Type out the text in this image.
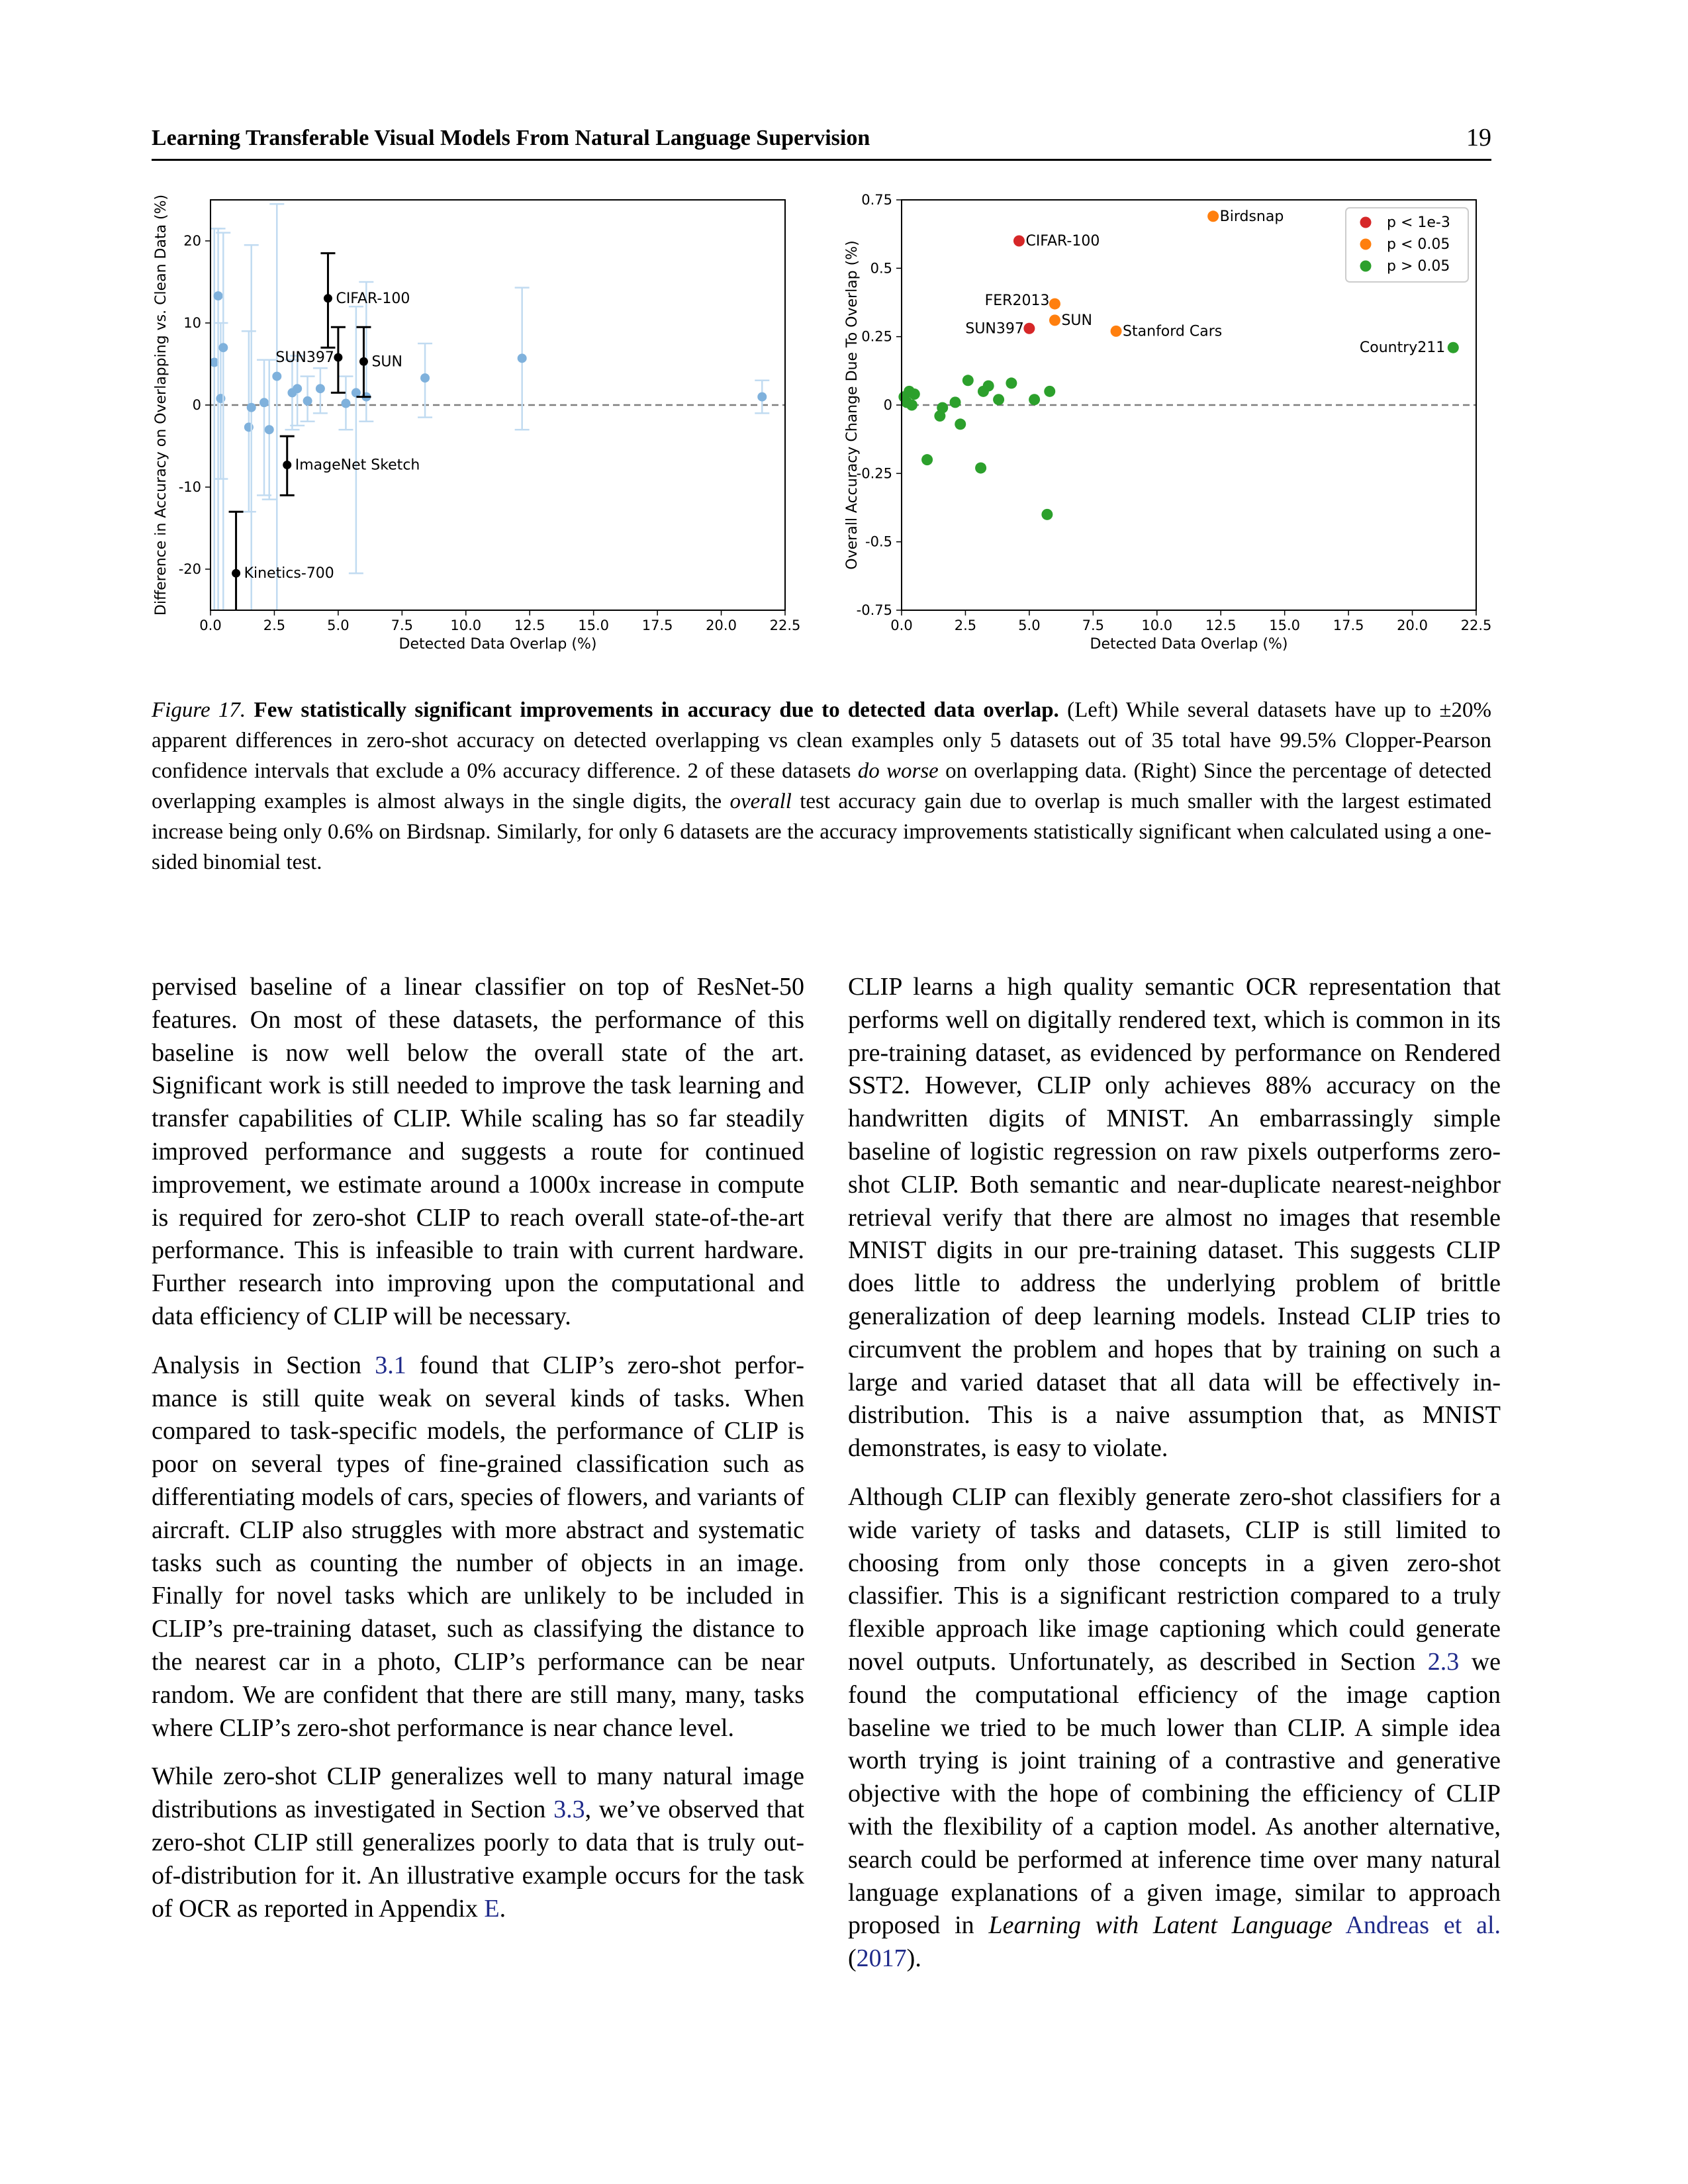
Learning Transferable Visual Models From Natural Language Supervision	19
0.0	2.5	5.0	7.5	10.0 12.5 15.0 17.5 20.0 22.5
-20
-10
0
10
20
Detected Data Overlap (%)
Difference in Accuracy on Overlapping vs. Clean Data (%)	Kinetics-700
ImageNet Sketch
CIFAR-100
SUN397	SUN
0.0	2.5	5.0	7.5	10.0 12.5 15.0 17.5 20.0 22.5
-0.75
-0.5
-0.25
0
0.25
0.5
0.75
Detected Data Overlap (%)
Overall Accuracy Change Due To Overlap (%)	CIFAR-100
SUN397
Birdsnap
FER2013
SUN
Stanford Cars
Country211
p < 1e-3
p < 0.05
p > 0.05
Figure 17. Few statistically significant improvements in accuracy due to detected data overlap. (Left) While several datasets have up to ±20% apparent differences in zero-shot accuracy on detected overlapping vs clean examples only 5 datasets out of 35 total have 99.5% Clopper-Pearson confidence intervals that exclude a 0% accuracy difference. 2 of these datasets do worse on overlapping data. (Right) Since the percentage of detected overlapping examples is almost always in the single digits, the overall test accuracy gain due to overlap is much smaller with the largest estimated increase being only 0.6% on Birdsnap. Similarly, for only 6 datasets are the accuracy improvements statistically significant when calculated using a one-sided binomial test.

pervised baseline of a linear classifier on top of ResNet-50 features. On most of these datasets, the performance of this baseline is now well below the overall state of the art. Significant work is still needed to improve the task learning and transfer capabilities of CLIP. While scaling has so far steadily improved performance and suggests a route for continued improvement, we estimate around a 1000x increase in compute is required for zero-shot CLIP to reach overall state-of-the-art performance. This is infeasible to train with current hardware. Further research into improving upon the computational and data efficiency of CLIP will be necessary.

Analysis in Section 3.1 found that CLIP’s zero-shot performance is still quite weak on several kinds of tasks. When compared to task-specific models, the performance of CLIP is poor on several types of fine-grained classification such as differentiating models of cars, species of flowers, and variants of aircraft. CLIP also struggles with more abstract and systematic tasks such as counting the number of objects in an image. Finally for novel tasks which are unlikely to be included in CLIP’s pre-training dataset, such as classifying the distance to the nearest car in a photo, CLIP’s performance can be near random. We are confident that there are still many, many, tasks where CLIP’s zero-shot performance is near chance level.

While zero-shot CLIP generalizes well to many natural image distributions as investigated in Section 3.3, we’ve observed that zero-shot CLIP still generalizes poorly to data that is truly out-of-distribution for it. An illustrative example occurs for the task of OCR as reported in Appendix E.

CLIP learns a high quality semantic OCR representation that performs well on digitally rendered text, which is common in its pre-training dataset, as evidenced by performance on Rendered SST2. However, CLIP only achieves 88% accuracy on the handwritten digits of MNIST. An embarrassingly simple baseline of logistic regression on raw pixels outperforms zero-shot CLIP. Both semantic and near-duplicate nearest-neighbor retrieval verify that there are almost no images that resemble MNIST digits in our pre-training dataset. This suggests CLIP does little to address the underlying problem of brittle generalization of deep learning models. Instead CLIP tries to circumvent the problem and hopes that by training on such a large and varied dataset that all data will be effectively in-distribution. This is a naive assumption that, as MNIST demonstrates, is easy to violate.

Although CLIP can flexibly generate zero-shot classifiers for a wide variety of tasks and datasets, CLIP is still limited to choosing from only those concepts in a given zero-shot classifier. This is a significant restriction compared to a truly flexible approach like image captioning which could generate novel outputs. Unfortunately, as described in Section 2.3 we found the computational efficiency of the image caption baseline we tried to be much lower than CLIP. A simple idea worth trying is joint training of a contrastive and generative objective with the hope of combining the efficiency of CLIP with the flexibility of a caption model. As another alternative, search could be performed at inference time over many natural language explanations of a given image, similar to approach proposed in Learning with Latent Language Andreas et al. (2017).
